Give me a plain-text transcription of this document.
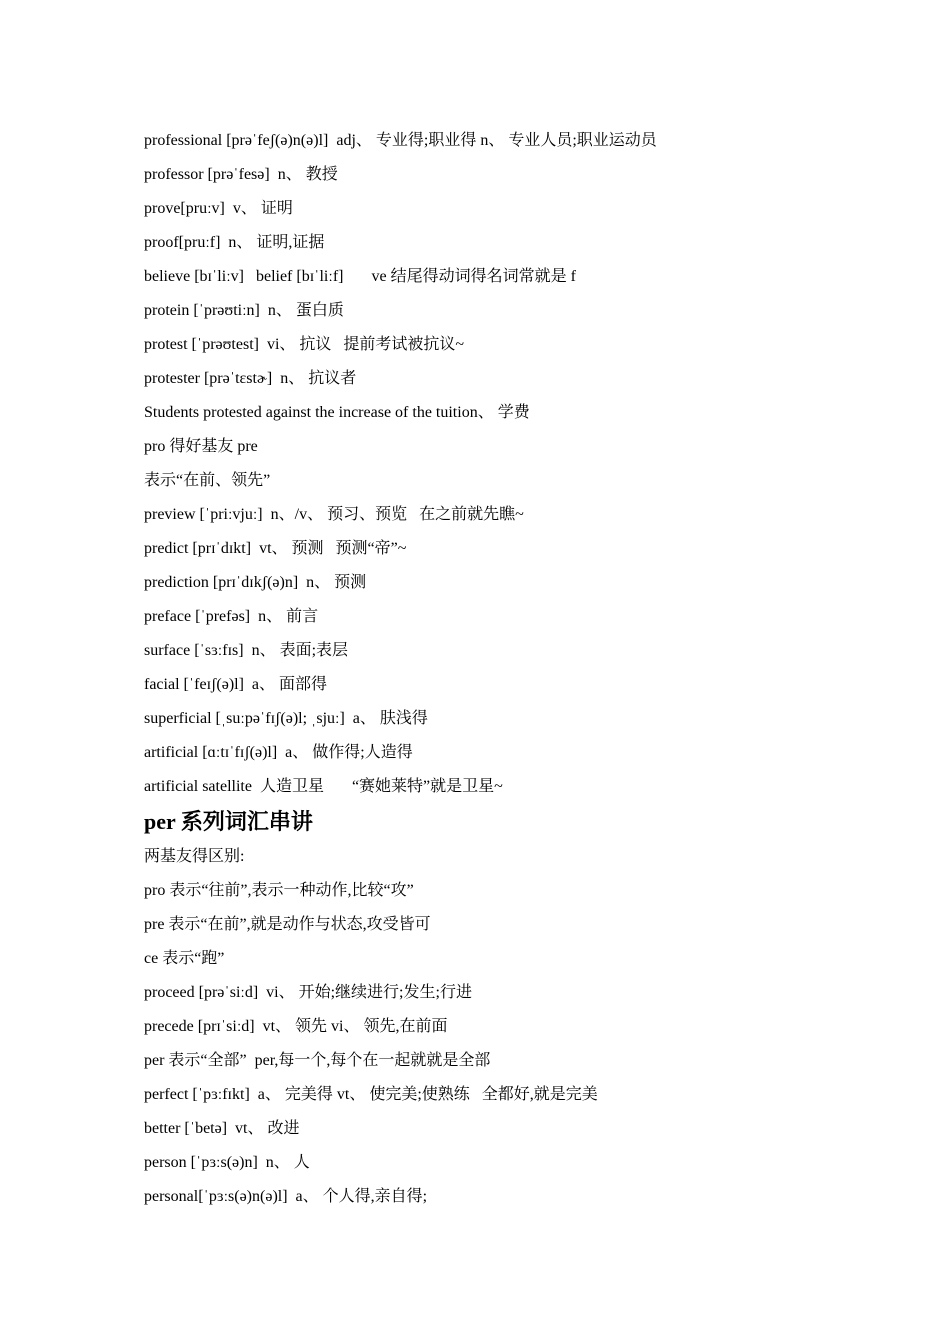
professional [prəˈfeʃ(ə)n(ə)l]  adj、 专业得;职业得 n、 专业人员;职业运动员

professor [prəˈfesə]  n、 教授

prove[pruːv]  v、 证明

proof[pruːf]  n、 证明,证据

believe [bɪˈliːv]   belief [bɪˈliːf]       ve 结尾得动词得名词常就是 f

protein [ˈprəʊtiːn]  n、 蛋白质

protest [ˈprəʊtest]  vi、 抗议   提前考试被抗议~

protester [prəˈtɛstɚ]  n、 抗议者

Students protested against the increase of the tuition、 学费

pro 得好基友 pre

表示“在前、领先”

preview [ˈpriːvjuː]  n、/v、 预习、预览   在之前就先瞧~

predict [prɪˈdɪkt]  vt、 预测   预测“帝”~

prediction [prɪˈdɪkʃ(ə)n]  n、 预测

preface [ˈprefəs]  n、 前言

surface [ˈsɜːfɪs]  n、 表面;表层

facial [ˈfeɪʃ(ə)l]  a、 面部得

superficial [ˌsuːpəˈfɪʃ(ə)l; ˌsjuː]  a、 肤浅得

artificial [ɑːtɪˈfɪʃ(ə)l]  a、 做作得;人造得

artificial satellite  人造卫星       “赛她莱特”就是卫星~

per 系列词汇串讲

两基友得区别:

pro 表示“往前”,表示一种动作,比较“攻”

pre 表示“在前”,就是动作与状态,攻受皆可

ce 表示“跑”

proceed [prəˈsiːd]  vi、 开始;继续进行;发生;行进

precede [prɪˈsiːd]  vt、 领先 vi、 领先,在前面

per 表示“全部”  per,每一个,每个在一起就就是全部

perfect [ˈpɜːfɪkt]  a、 完美得 vt、 使完美;使熟练   全都好,就是完美

better [ˈbetə]  vt、 改进

person [ˈpɜːs(ə)n]  n、 人

personal[ˈpɜːs(ə)n(ə)l]  a、 个人得,亲自得;
